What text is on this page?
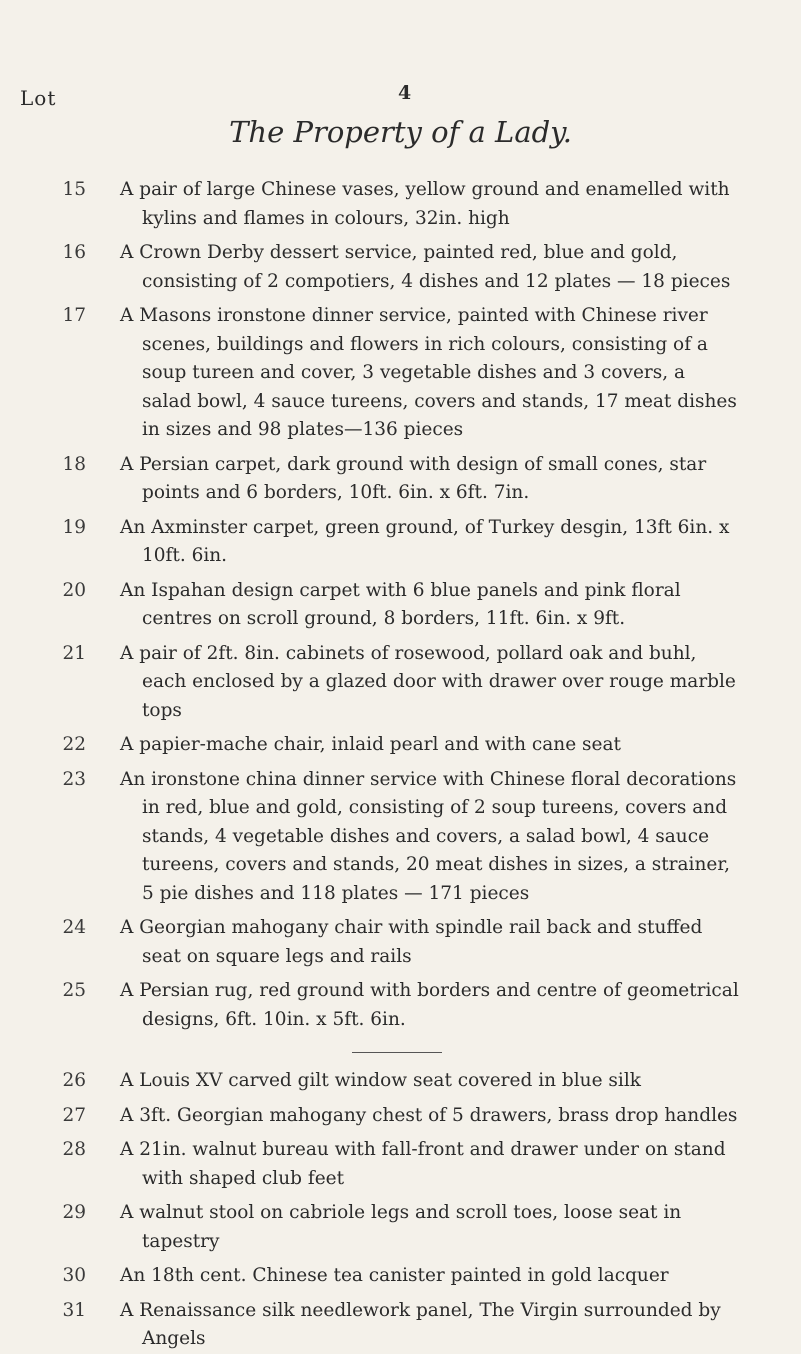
Lot	4
The Property of a Lady.
15 A pair of large Chinese vases, yellow ground and enamelled with kylins and flames in colours, 32in. high
16 A Crown Derby dessert service, painted red, blue and gold, consisting of 2 compotiers, 4 dishes and 12 plates — 18 pieces
17 A Masons ironstone dinner service, painted with Chinese river scenes, buildings and flowers in rich colours, consisting of a soup tureen and cover, 3 vegetable dishes and 3 covers, a salad bowl, 4 sauce tureens, covers and stands, 17 meat dishes in sizes and 98 plates—136 pieces
18 A Persian carpet, dark ground with design of small cones, star points and 6 borders, 10ft. 6in. x 6ft. 7in.
19 An Axminster carpet, green ground, of Turkey desgin, 13ft 6in. x 10ft. 6in.
20 An Ispahan design carpet with 6 blue panels and pink floral centres on scroll ground, 8 borders, 11ft. 6in. x 9ft.
21 A pair of 2ft. 8in. cabinets of rosewood, pollard oak and buhl, each enclosed by a glazed door with drawer over rouge marble tops
22 A papier-mache chair, inlaid pearl and with cane seat
23 An ironstone china dinner service with Chinese floral decorations in red, blue and gold, consisting of 2 soup tureens, covers and stands, 4 vegetable dishes and covers, a salad bowl, 4 sauce tureens, covers and stands, 20 meat dishes in sizes, a strainer, 5 pie dishes and 118 plates — 171 pieces
24 A Georgian mahogany chair with spindle rail back and stuffed seat on square legs and rails
25 A Persian rug, red ground with borders and centre of geometrical designs, 6ft. 10in. x 5ft. 6in.
26 A Louis XV carved gilt window seat covered in blue silk
27 A 3ft. Georgian mahogany chest of 5 drawers, brass drop handles
28 A 21in. walnut bureau with fall-front and drawer under on stand with shaped club feet
29 A walnut stool on cabriole legs and scroll toes, loose seat in tapestry
30 An 18th cent. Chinese tea canister painted in gold lacquer
31 A Renaissance silk needlework panel, The Virgin surrounded by Angels
